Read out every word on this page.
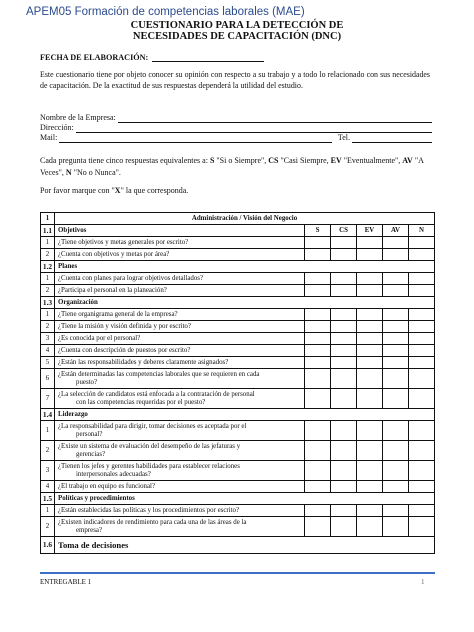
APEM05 Formación de competencias laborales (MAE)
CUESTIONARIO PARA LA DETECCIÓN DE
NECESIDADES DE CAPACITACIÓN (DNC)
FECHA DE ELABORACIÓN:
Este cuestionario tiene por objeto conocer su opinión con respecto a su trabajo y a todo lo relacionado con sus necesidades de capacitación. De la exactitud de sus respuestas dependerá la utilidad del estudio.
Nombre de la Empresa:
Dirección:
Mail:	Tel.
Cada pregunta tiene cinco respuestas equivalentes a: S "Si o Siempre", CS "Casi Siempre, EV "Eventualmente", AV "A Veces", N "No o Nunca".
Por favor marque con "X" la que corresponda.
1	Administración / Visión del Negocio					
1.1	Objetivos	S	CS	EV	AV	N
1	¿Tiene objetivos y metas generales por escrito?					
2	¿Cuenta con objetivos y metas por área?					
1.2	Planes					
1	¿Cuenta con planes para lograr objetivos detallados?					
2	¿Participa el personal en la planeación?					
1.3	Organización					
1	¿Tiene organigrama general de la empresa?					
2	¿Tiene la misión y visión definida y por escrito?					
3	¿Es conocida por el personal?					
4	¿Cuenta con descripción de puestos por escrito?					
5	¿Están las responsabilidades y deberes claramente asignados?					
6	¿Están determinadas las competencias laborales que se requieren en cada
puesto?					

7	¿La selección de candidatos está enfocada a la contratación de personal
con las competencias requeridas por el puesto?					

1.4	Liderazgo					
1	¿La responsabilidad para dirigir, tomar decisiones es aceptada por el
personal?					

2	¿Existe un sistema de evaluación del desempeño de las jefaturas y
gerencias?					

3	¿Tienen los jefes y gerentes habilidades para establecer relaciones
interpersonales adecuadas?					

4	¿El trabajo en equipo es funcional?					
1.5	Políticas y procedimientos					
1	¿Están establecidas las políticas y los procedimientos por escrito?					
2	¿Existen indicadores de rendimiento para cada una de las áreas de la
empresa?					

1.6	Toma de decisiones					
ENTREGABLE 1	1
